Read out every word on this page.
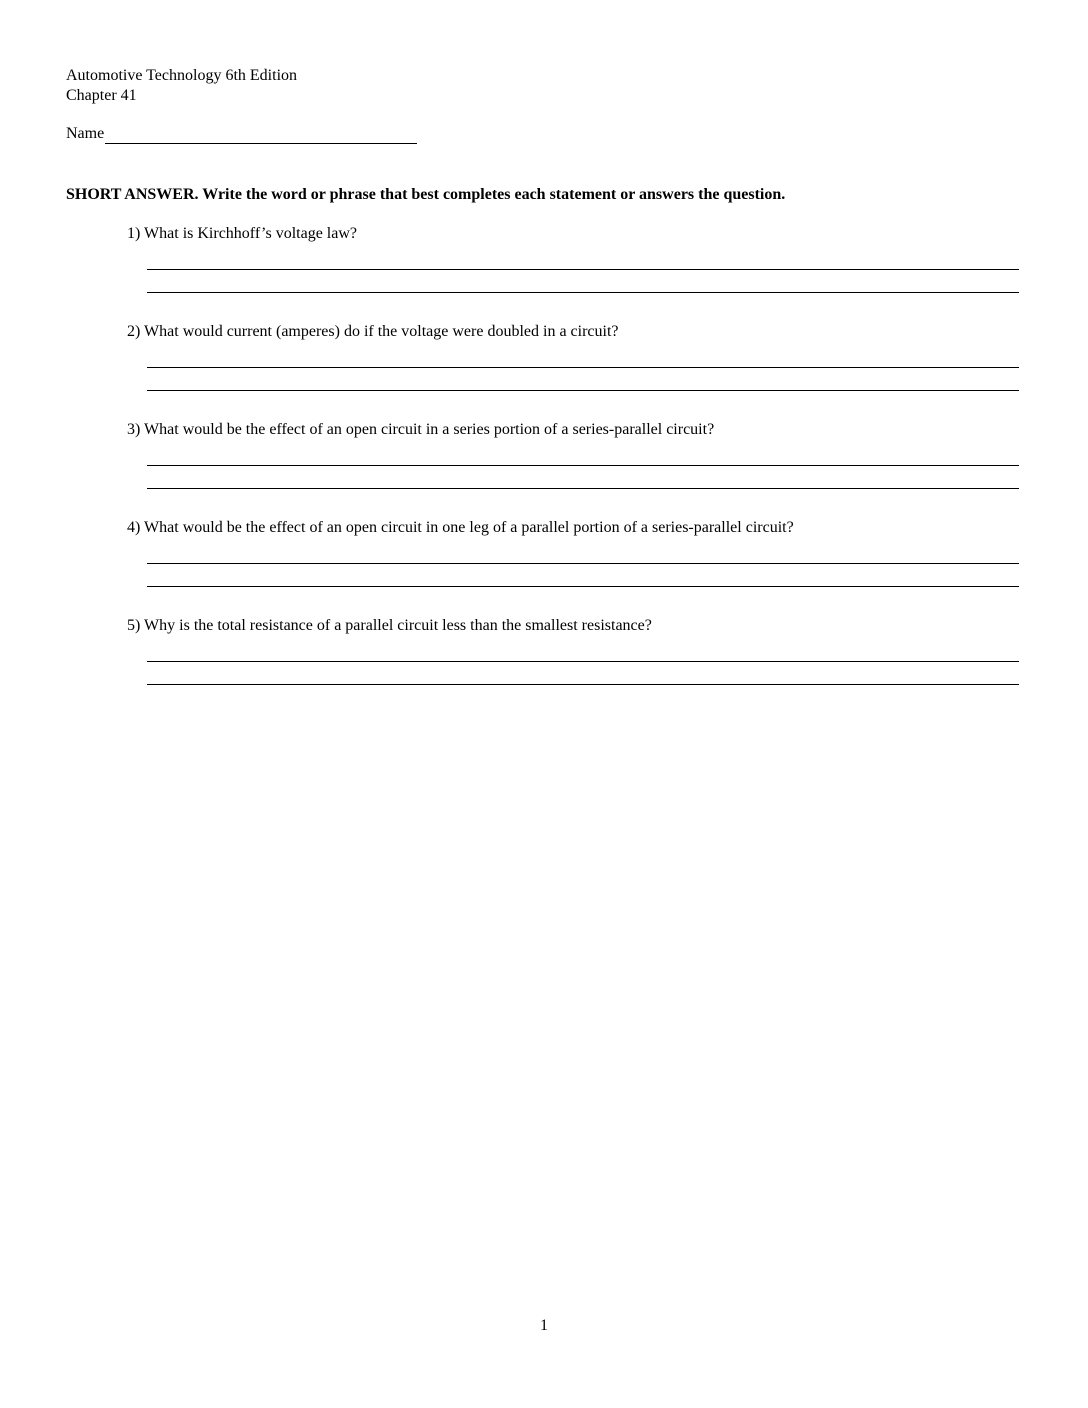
Automotive Technology 6th Edition
Chapter 41
Name
SHORT ANSWER. Write the word or phrase that best completes each statement or answers the question.
1) What is Kirchhoff’s voltage law?
2) What would current (amperes) do if the voltage were doubled in a circuit?
3) What would be the effect of an open circuit in a series portion of a series-parallel circuit?
4) What would be the effect of an open circuit in one leg of a parallel portion of a series-parallel circuit?
5) Why is the total resistance of a parallel circuit less than the smallest resistance?
1
